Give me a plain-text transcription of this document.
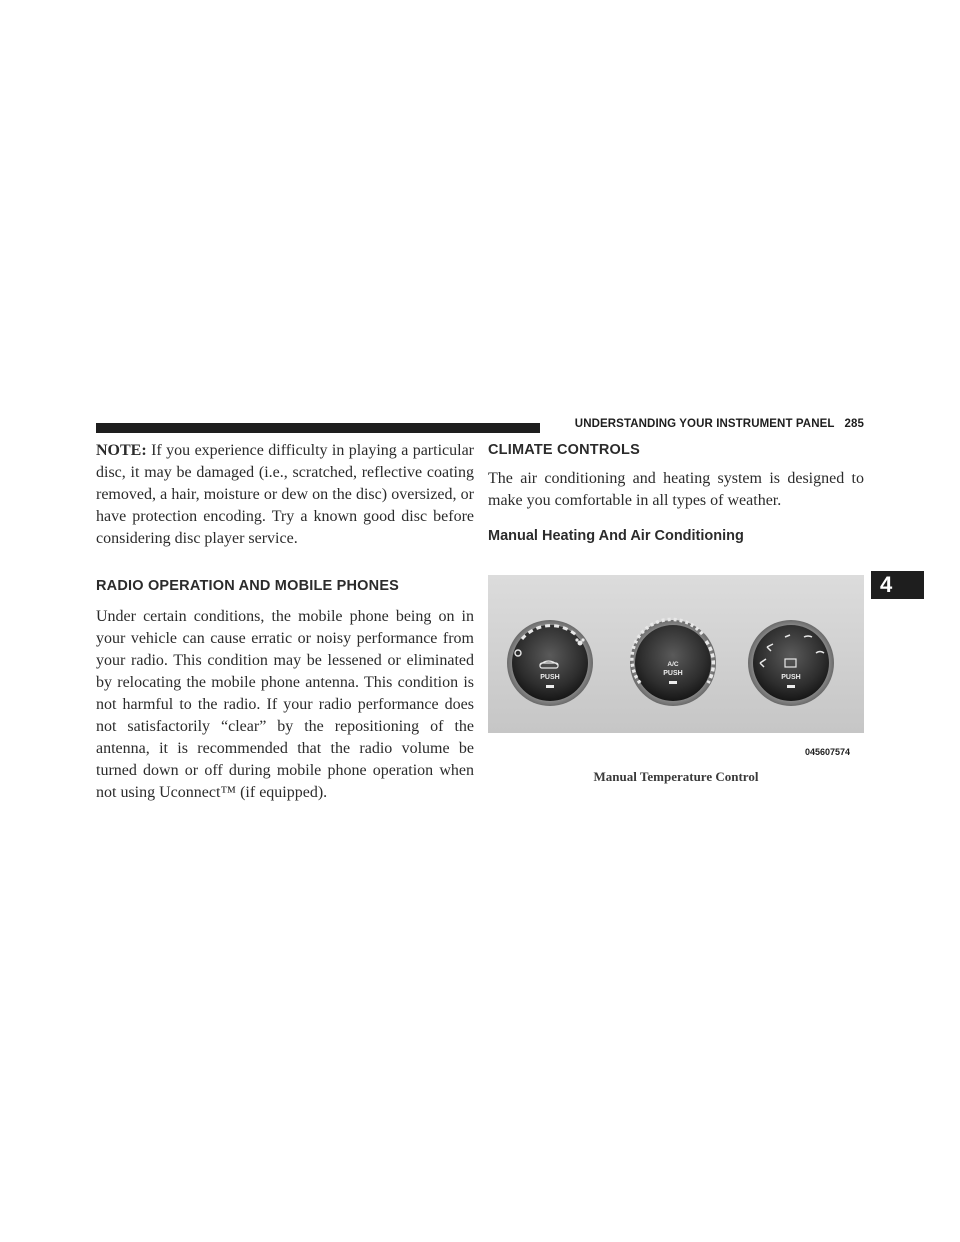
UNDERSTANDING YOUR INSTRUMENT PANEL 285

NOTE: If you experience difficulty in playing a particular disc, it may be damaged (i.e., scratched, reflective coating removed, a hair, moisture or dew on the disc) oversized, or have protection encoding. Try a known good disc before considering disc player service.

RADIO OPERATION AND MOBILE PHONES

Under certain conditions, the mobile phone being on in your vehicle can cause erratic or noisy performance from your radio. This condition may be lessened or eliminated by relocating the mobile phone antenna. This condition is not harmful to the radio. If your radio performance does not satisfactorily “clear” by the repositioning of the antenna, it is recommended that the radio volume be turned down or off during mobile phone operation when not using Uconnect™ (if equipped).

CLIMATE CONTROLS

The air conditioning and heating system is designed to make you comfortable in all types of weather.

Manual Heating And Air Conditioning
4
PUSH
A/C
PUSH
PUSH
045607574
Manual Temperature Control
